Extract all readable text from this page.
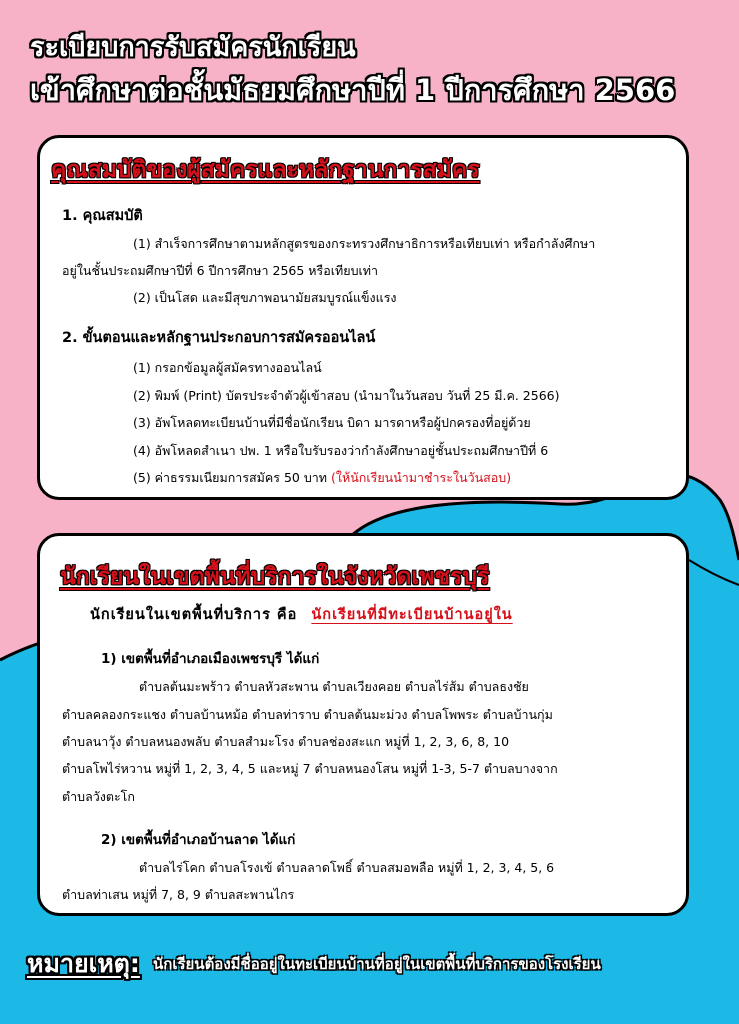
ระเบียบการรับสมัครนักเรียน
เข้าศึกษาต่อชั้นมัธยมศึกษาปีที่ 1 ปีการศึกษา 2566
คุณสมบัติของผู้สมัครและหลักฐานการสมัคร
1. คุณสมบัติ
(1) สำเร็จการศึกษาตามหลักสูตรของกระทรวงศึกษาธิการหรือเทียบเท่า หรือกำลังศึกษา
อยู่ในชั้นประถมศึกษาปีที่ 6 ปีการศึกษา 2565 หรือเทียบเท่า
(2) เป็นโสด และมีสุขภาพอนามัยสมบูรณ์แข็งแรง
2. ขั้นตอนและหลักฐานประกอบการสมัครออนไลน์
(1) กรอกข้อมูลผู้สมัครทางออนไลน์
(2) พิมพ์ (Print) บัตรประจำตัวผู้เข้าสอบ (นำมาในวันสอบ วันที่ 25 มี.ค. 2566)
(3) อัพโหลดทะเบียนบ้านที่มีชื่อนักเรียน บิดา มารดาหรือผู้ปกครองที่อยู่ด้วย
(4) อัพโหลดสำเนา ปพ. 1 หรือใบรับรองว่ากำลังศึกษาอยู่ชั้นประถมศึกษาปีที่ 6
(5) ค่าธรรมเนียมการสมัคร 50 บาท (ให้นักเรียนนำมาชำระในวันสอบ)
นักเรียนในเขตพื้นที่บริการในจังหวัดเพชรบุรี
นักเรียนในเขตพื้นที่บริการ คือ นักเรียนที่มีทะเบียนบ้านอยู่ใน
1) เขตพื้นที่อำเภอเมืองเพชรบุรี ได้แก่
ตำบลต้นมะพร้าว ตำบลหัวสะพาน ตำบลเวียงคอย ตำบลไร่ส้ม ตำบลธงชัย
ตำบลคลองกระแชง ตำบลบ้านหม้อ ตำบลท่าราบ ตำบลต้นมะม่วง ตำบลโพพระ ตำบลบ้านกุ่ม
ตำบลนาวุ้ง ตำบลหนองพลับ ตำบลสำมะโรง ตำบลช่องสะแก หมู่ที่ 1, 2, 3, 6, 8, 10
ตำบลโพไร่หวาน หมู่ที่ 1, 2, 3, 4, 5 และหมู่ 7 ตำบลหนองโสน หมู่ที่ 1-3, 5-7 ตำบลบางจาก
ตำบลวังตะโก
2) เขตพื้นที่อำเภอบ้านลาด ได้แก่
ตำบลไร่โคก ตำบลโรงเข้ ตำบลลาดโพธิ์ ตำบลสมอพลือ หมู่ที่ 1, 2, 3, 4, 5, 6
ตำบลท่าเสน หมู่ที่ 7, 8, 9 ตำบลสะพานไกร
หมายเหตุ: นักเรียนต้องมีชื่ออยู่ในทะเบียนบ้านที่อยู่ในเขตพื้นที่บริการของโรงเรียน
